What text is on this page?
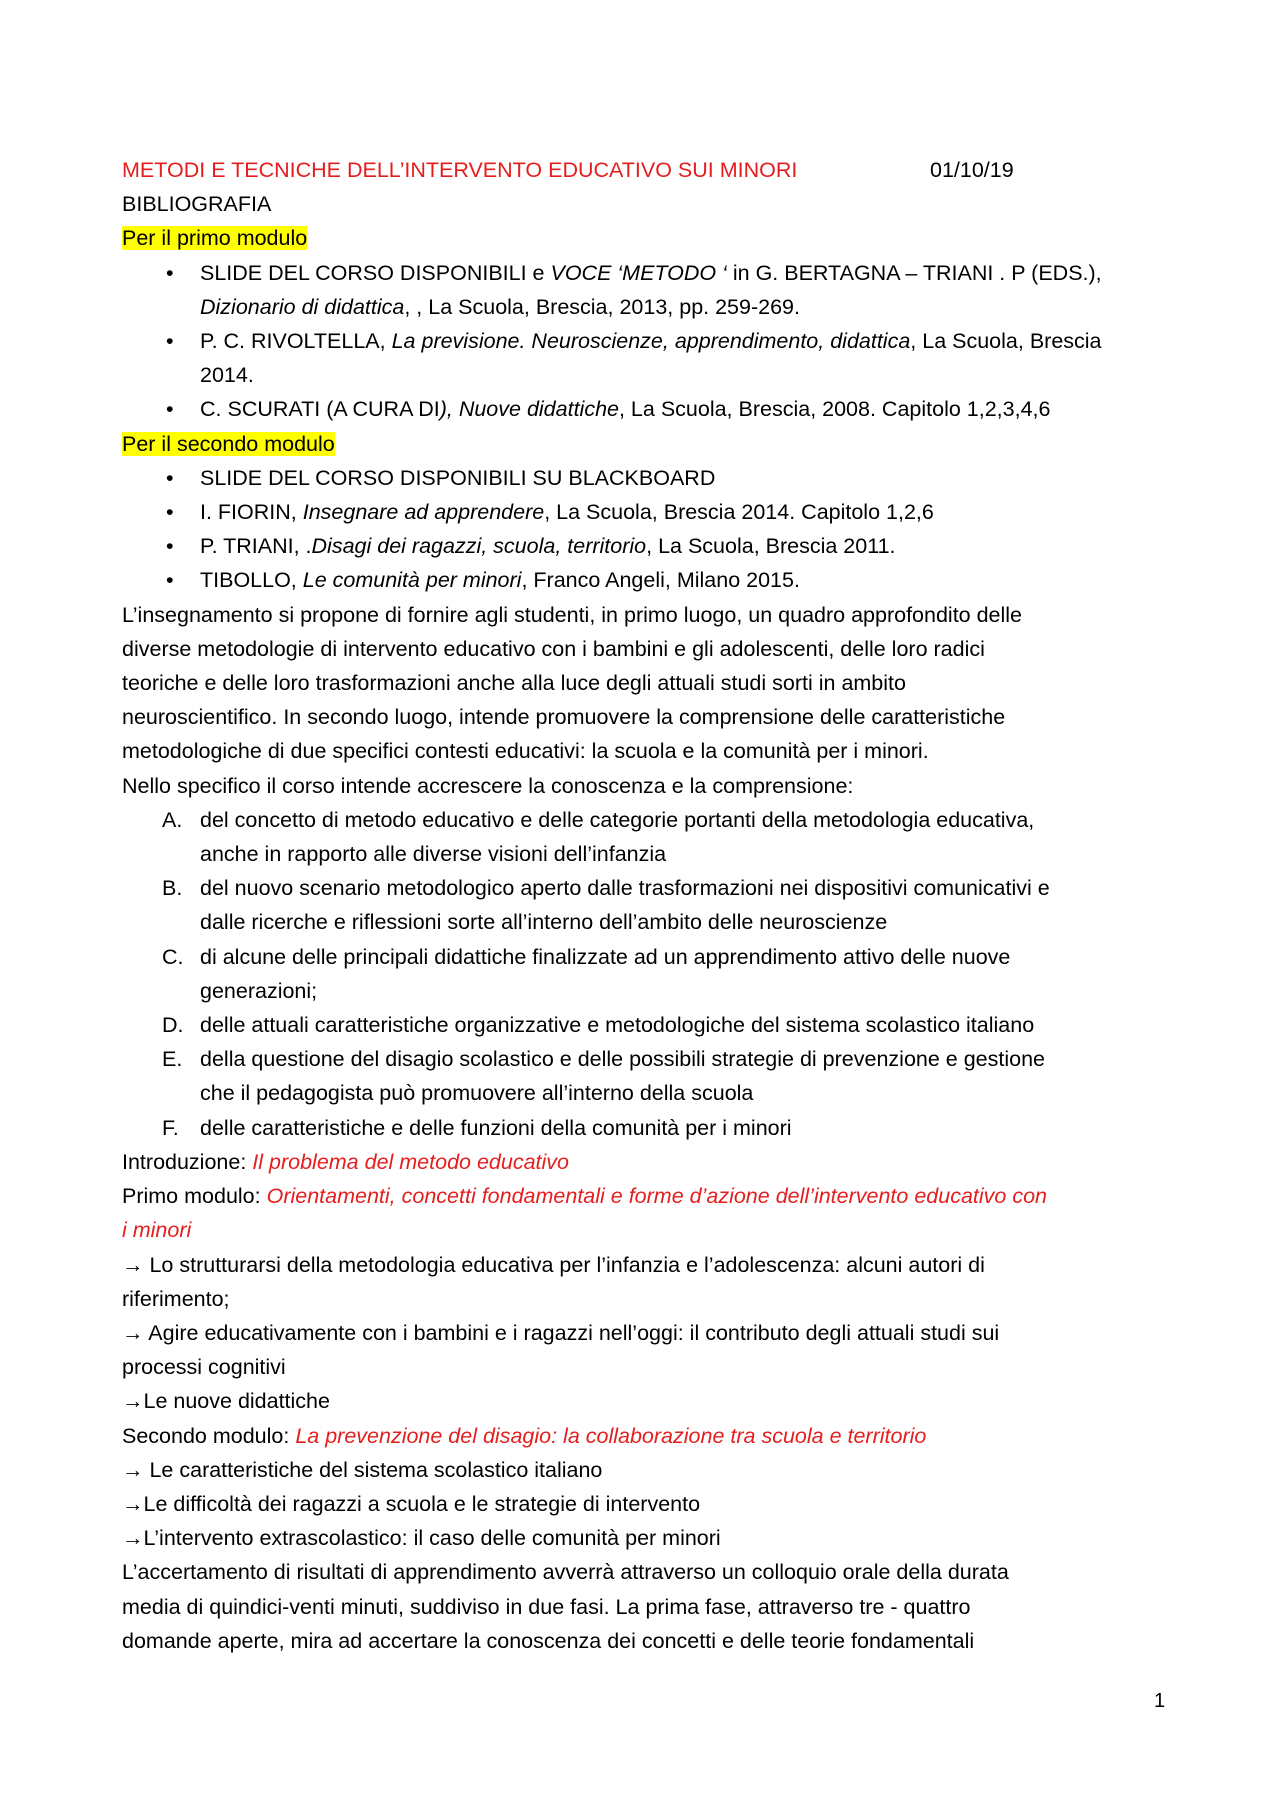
01/10/19
METODI E TECNICHE DELL’INTERVENTO EDUCATIVO SUI MINORI
BIBLIOGRAFIA
Per il primo modulo
• SLIDE DEL CORSO DISPONIBILI e VOCE ‘METODO ‘ in G. BERTAGNA – TRIANI . P (EDS.),
Dizionario di didattica, , La Scuola, Brescia, 2013, pp. 259-269.
• P. C. RIVOLTELLA, La previsione. Neuroscienze, apprendimento, didattica, La Scuola, Brescia
2014.
• C. SCURATI (A CURA DI), Nuove didattiche, La Scuola, Brescia, 2008. Capitolo 1,2,3,4,6
Per il secondo modulo
• SLIDE DEL CORSO DISPONIBILI SU BLACKBOARD
• I. FIORIN, Insegnare ad apprendere, La Scuola, Brescia 2014. Capitolo 1,2,6
• P. TRIANI, .Disagi dei ragazzi, scuola, territorio, La Scuola, Brescia 2011.
• TIBOLLO, Le comunità per minori, Franco Angeli, Milano 2015.
L’insegnamento si propone di fornire agli studenti, in primo luogo, un quadro approfondito delle
diverse metodologie di intervento educativo con i bambini e gli adolescenti, delle loro radici
teoriche e delle loro trasformazioni anche alla luce degli attuali studi sorti in ambito
neuroscientifico. In secondo luogo, intende promuovere la comprensione delle caratteristiche
metodologiche di due specifici contesti educativi: la scuola e la comunità per i minori.
Nello specifico il corso intende accrescere la conoscenza e la comprensione:
A. del concetto di metodo educativo e delle categorie portanti della metodologia educativa,
anche in rapporto alle diverse visioni dell’infanzia
B. del nuovo scenario metodologico aperto dalle trasformazioni nei dispositivi comunicativi e
dalle ricerche e riflessioni sorte all’interno dell’ambito delle neuroscienze
C. di alcune delle principali didattiche finalizzate ad un apprendimento attivo delle nuove
generazioni;
D. delle attuali caratteristiche organizzative e metodologiche del sistema scolastico italiano
E. della questione del disagio scolastico e delle possibili strategie di prevenzione e gestione
che il pedagogista può promuovere all’interno della scuola
F. delle caratteristiche e delle funzioni della comunità per i minori
Introduzione: Il problema del metodo educativo
Primo modulo: Orientamenti, concetti fondamentali e forme d’azione dell’intervento educativo con
i minori
→ Lo strutturarsi della metodologia educativa per l’infanzia e l’adolescenza: alcuni autori di
riferimento;
→ Agire educativamente con i bambini e i ragazzi nell’oggi: il contributo degli attuali studi sui
processi cognitivi
→Le nuove didattiche
Secondo modulo: La prevenzione del disagio: la collaborazione tra scuola e territorio
→ Le caratteristiche del sistema scolastico italiano
→Le difficoltà dei ragazzi a scuola e le strategie di intervento
→L’intervento extrascolastico: il caso delle comunità per minori
L’accertamento di risultati di apprendimento avverrà attraverso un colloquio orale della durata
media di quindici-venti minuti, suddiviso in due fasi. La prima fase, attraverso tre - quattro
domande aperte, mira ad accertare la conoscenza dei concetti e delle teorie fondamentali
1
